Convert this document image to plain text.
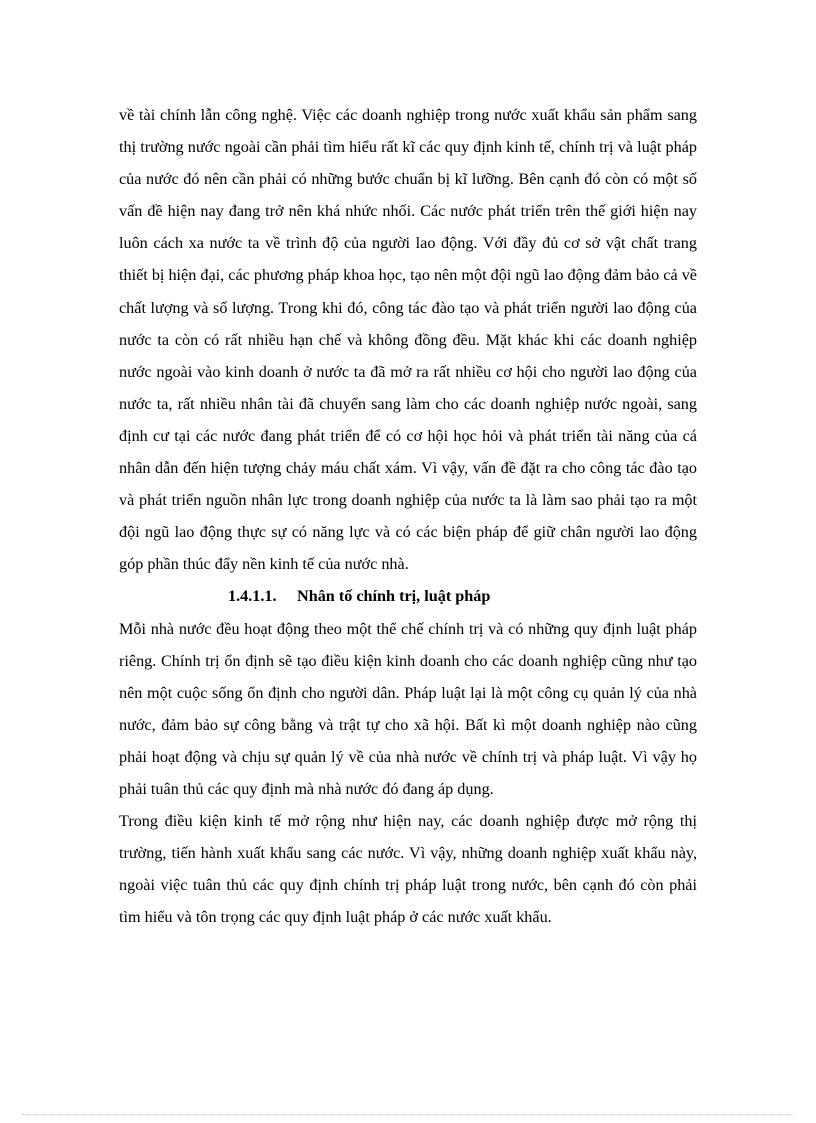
về tài chính lẫn công nghệ. Việc các doanh nghiệp trong nước xuất khẩu sản phẩm sang thị trường nước ngoài cần phải tìm hiểu rất kĩ các quy định kinh tế, chính trị và luật pháp của nước đó nên cần phải có những bước chuẩn bị kĩ lưỡng. Bên cạnh đó còn có một số vấn đề hiện nay đang trở nên khá nhức nhối. Các nước phát triển trên thế giới hiện nay luôn cách xa nước ta về trình độ của người lao động. Với đầy đủ cơ sở vật chất trang thiết bị hiện đại, các phương pháp khoa học, tạo nên một đội ngũ lao động đảm bảo cả về chất lượng và số lượng. Trong khi đó, công tác đào tạo và phát triển người lao động của nước ta còn có rất nhiều hạn chế và không đồng đều. Mặt khác khi các doanh nghiệp nước ngoài vào kinh doanh ở nước ta đã mở ra rất nhiều cơ hội cho người lao động của nước ta, rất nhiều nhân tài đã chuyển sang làm cho các doanh nghiệp nước ngoài, sang định cư tại các nước đang phát triển để có cơ hội học hỏi và phát triển tài năng của cá nhân dẫn đến hiện tượng chảy máu chất xám. Vì vậy, vấn đề đặt ra cho công tác đào tạo và phát triển nguồn nhân lực trong doanh nghiệp của nước ta là làm sao phải tạo ra một đội ngũ lao động thực sự có năng lực và có các biện pháp để giữ chân người lao động góp phần thúc đẩy nền kinh tế của nước nhà.

1.4.1.1. Nhân tố chính trị, luật pháp

Mỗi nhà nước đều hoạt động theo một thể chế chính trị và có những quy định luật pháp riêng. Chính trị ổn định sẽ tạo điều kiện kinh doanh cho các doanh nghiệp cũng như tạo nên một cuộc sống ổn định cho người dân. Pháp luật lại là một công cụ quản lý của nhà nước, đảm bảo sự công bằng và trật tự cho xã hội. Bất kì một doanh nghiệp nào cũng phải hoạt động và chịu sự quản lý về của nhà nước về chính trị và pháp luật. Vì vậy họ phải tuân thủ các quy định mà nhà nước đó đang áp dụng.

Trong điều kiện kinh tế mở rộng như hiện nay, các doanh nghiệp được mở rộng thị trường, tiến hành xuất khẩu sang các nước. Vì vậy, những doanh nghiệp xuất khẩu này, ngoài việc tuân thủ các quy định chính trị pháp luật trong nước, bên cạnh đó còn phải tìm hiểu và tôn trọng các quy định luật pháp ở các nước xuất khẩu.
